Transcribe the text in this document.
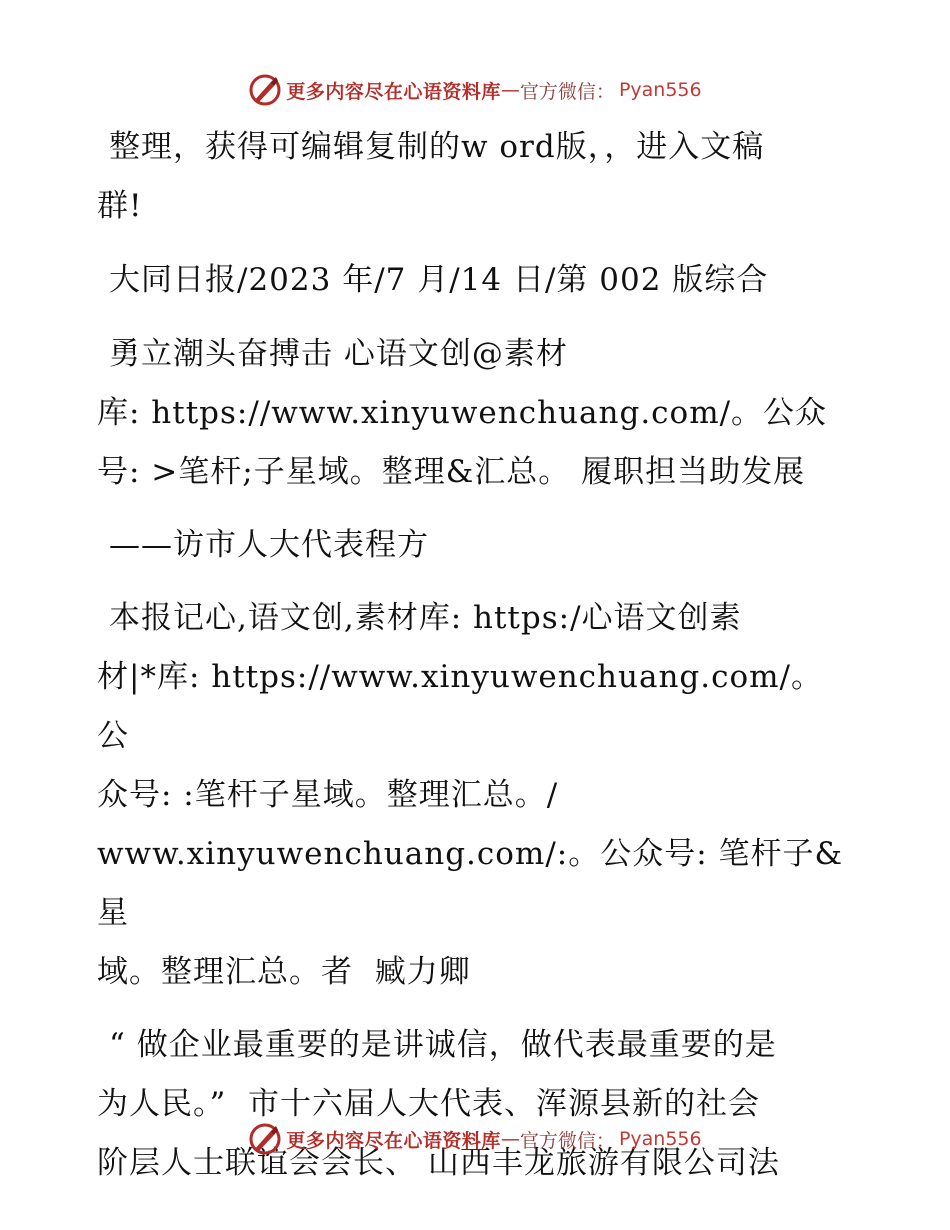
更多内容尽在心语资料库 — 官方微信： Pyan556

整理，获得可编辑复制的w ord版，，进入文稿
群!

大同日报/2023 年/7 月/14 日/第 002 版综合

勇立潮头奋搏击 心语文创@素材
库: https://www.xinyuwenchuang.com/。公众
号: >笔杆;子星域。整理&汇总。 履职担当助发展

——访市人大代表程方

本报记心,语文创,素材库: https:/心语文创素
材|*库: https://www.xinyuwenchuang.com/。公
众号: :笔杆子星域。整理汇总。/
www.xinyuwenchuang.com/:。公众号: 笔杆子&星
域。整理汇总。者  臧力卿

“ 做企业最重要的是讲诚信，做代表最重要的是
为人民。”  市十六届人大代表、浑源县新的社会
阶层人士联谊会会长、 山西丰龙旅游有限公司法

更多内容尽在心语资料库 — 官方微信： Pyan556
